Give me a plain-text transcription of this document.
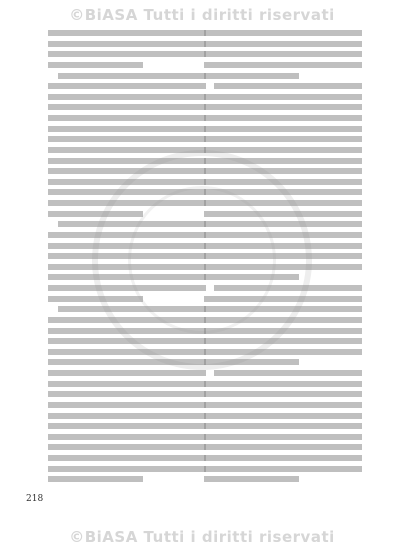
©BiASA Tutti i diritti riservati
218
©BiASA Tutti i diritti riservati
